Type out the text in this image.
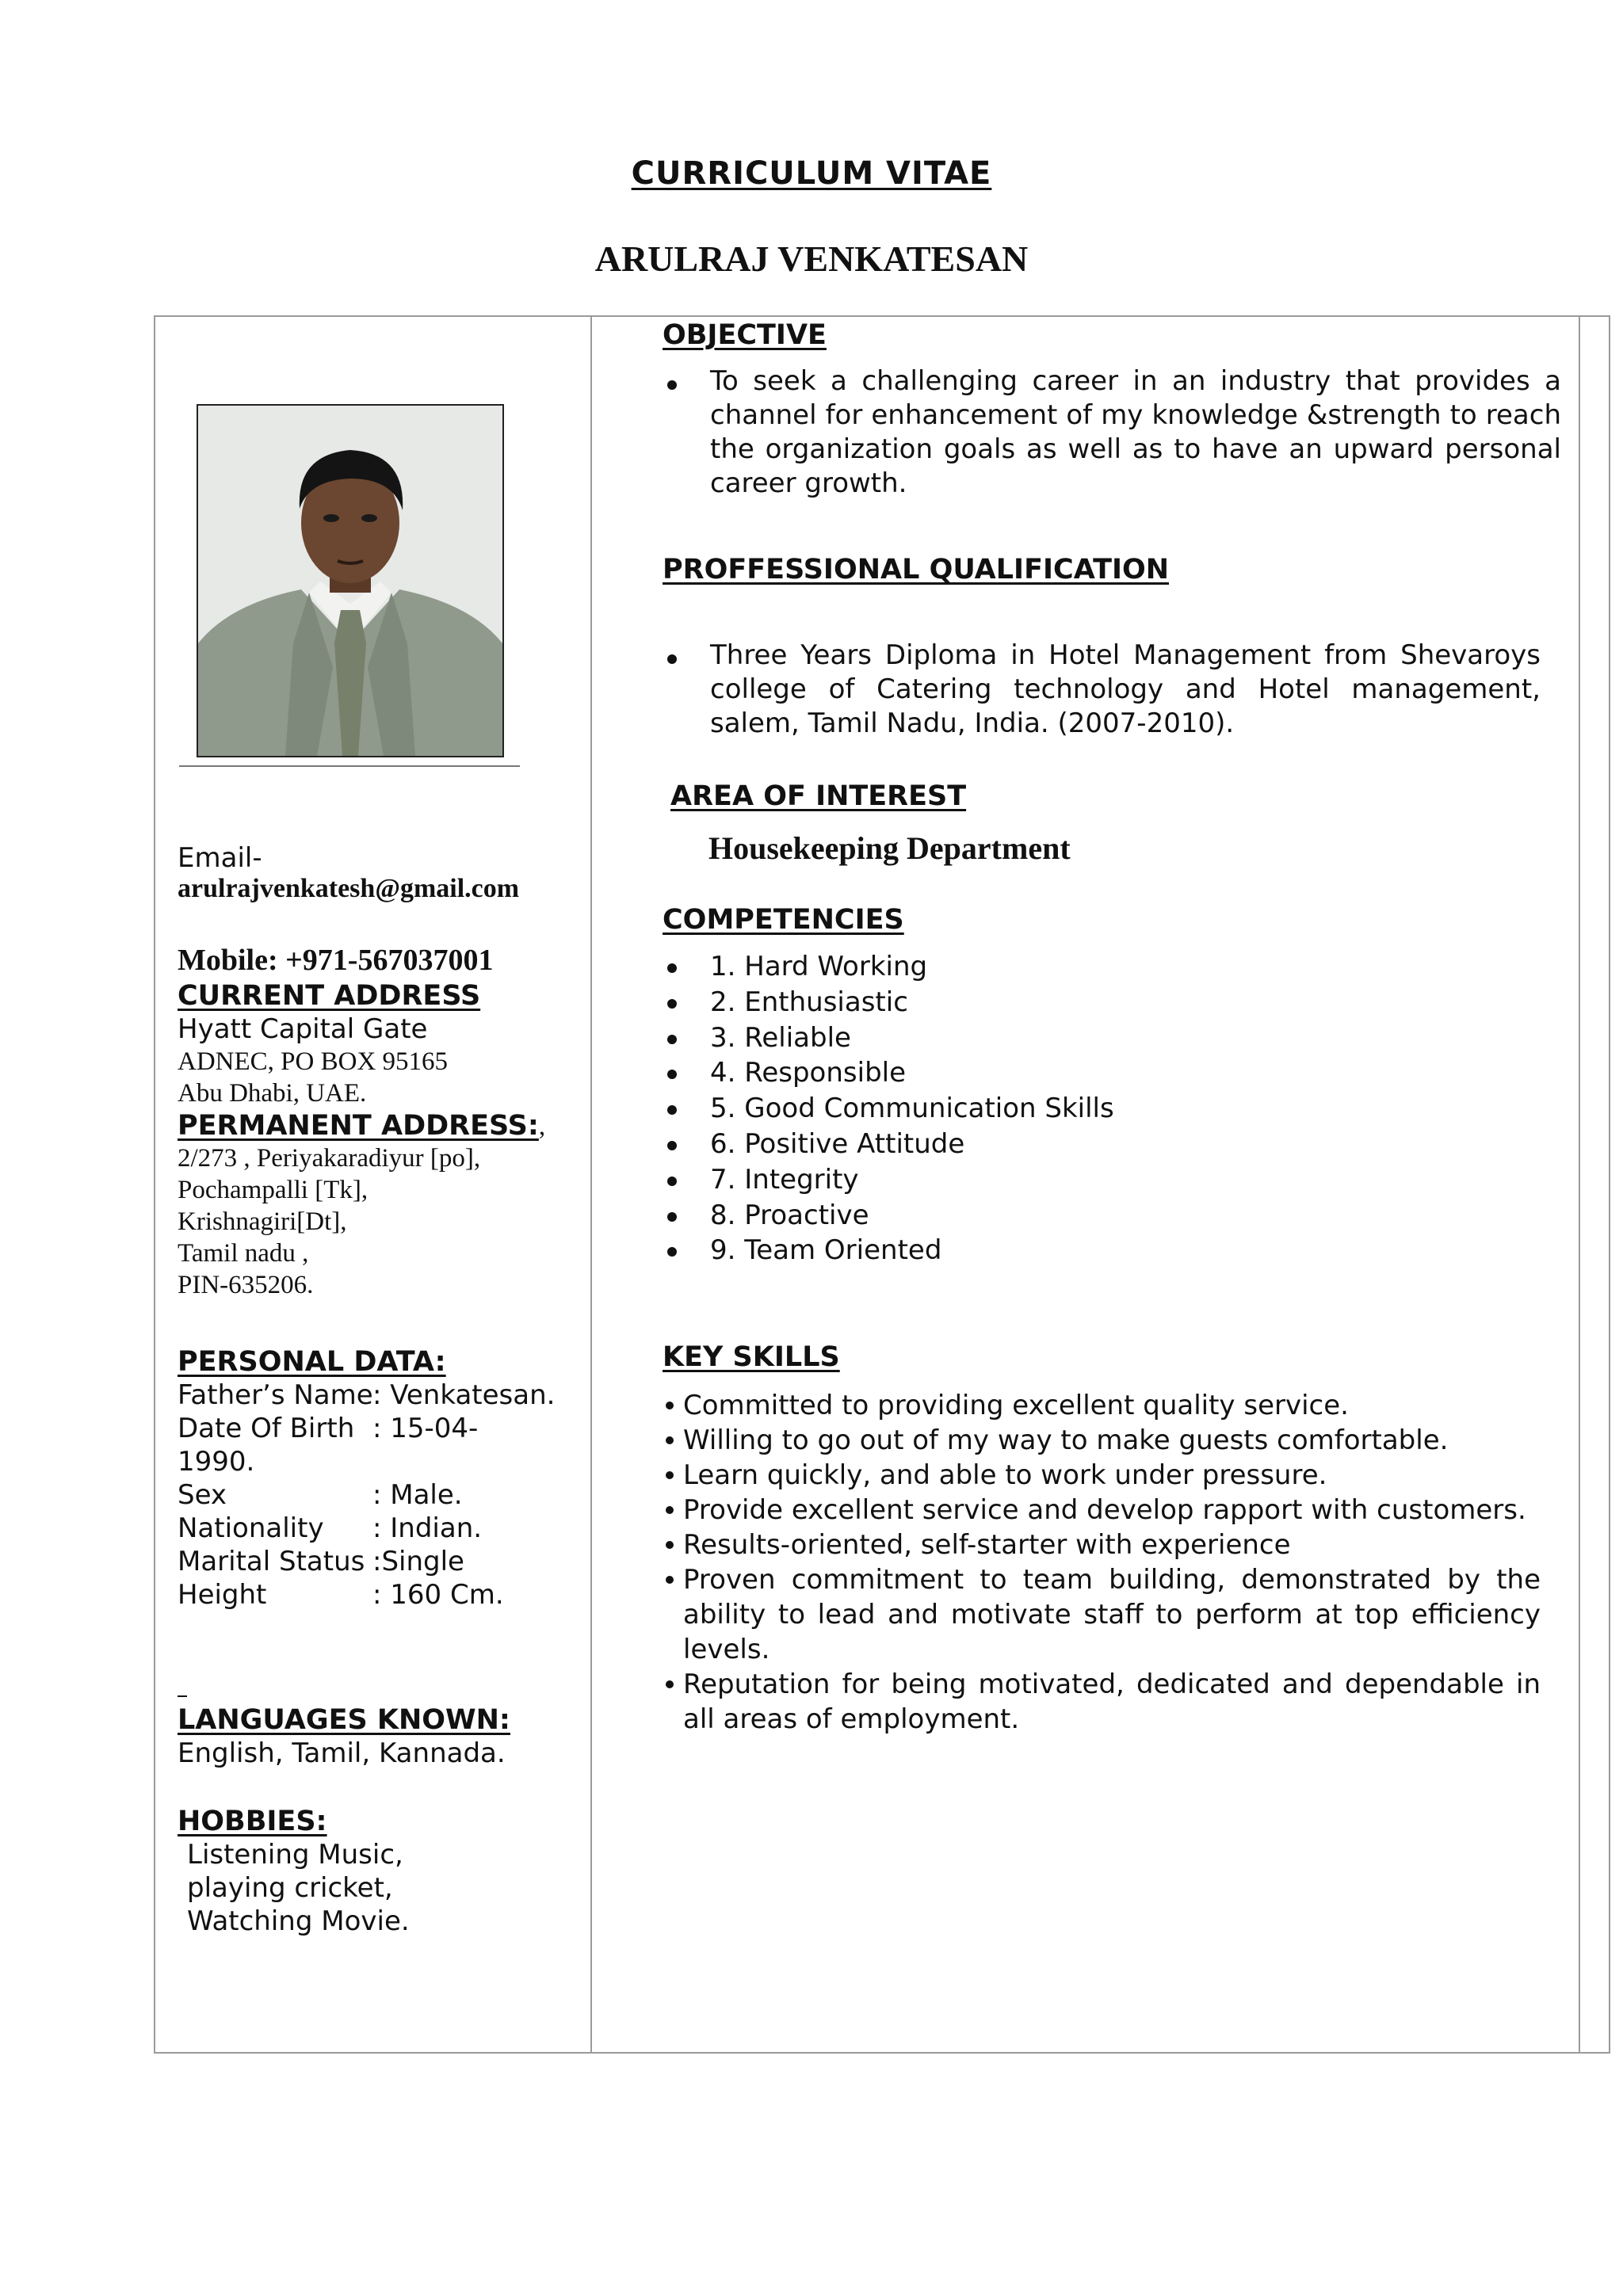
CURRICULUM VITAE
ARULRAJ VENKATESAN
Email-
arulrajvenkatesh@gmail.com
Mobile: +971-567037001
CURRENT ADDRESS
Hyatt Capital Gate
ADNEC, PO BOX 95165
Abu Dhabi, UAE.
PERMANENT ADDRESS:,
2/273 , Periyakaradiyur [po],
Pochampalli [Tk],
Krishnagiri[Dt],
Tamil nadu ,
PIN-635206.
PERSONAL DATA:
Father’s Name : Venkatesan.
Date Of Birth : 15-04-
1990.
Sex	: Male.
Nationality	: Indian.
Marital Status :Single
Height	: 160 Cm.
LANGUAGES KNOWN:
English, Tamil, Kannada.
HOBBIES:
Listening Music,
playing cricket,
Watching Movie.
OBJECTIVE
To seek a challenging career in an industry that provides a channel for enhancement of my knowledge &strength to reach the organization goals as well as to have an upward personal career growth.
PROFFESSIONAL QUALIFICATION
Three Years Diploma in Hotel Management from Shevaroys college of Catering technology and Hotel management, salem, Tamil Nadu, India. (2007-2010).
AREA OF INTEREST
Housekeeping Department
COMPETENCIES
1. Hard Working
2. Enthusiastic
3. Reliable
4. Responsible
5. Good Communication Skills
6. Positive Attitude
7. Integrity
8. Proactive
9. Team Oriented
KEY SKILLS
Committed to providing excellent quality service.
Willing to go out of my way to make guests comfortable.
Learn quickly, and able to work under pressure.
Provide excellent service and develop rapport with customers.
Results-oriented, self-starter with experience
Proven commitment to team building, demonstrated by the ability to lead and motivate staff to perform at top efficiency levels.
Reputation for being motivated, dedicated and dependable in all areas of employment.
